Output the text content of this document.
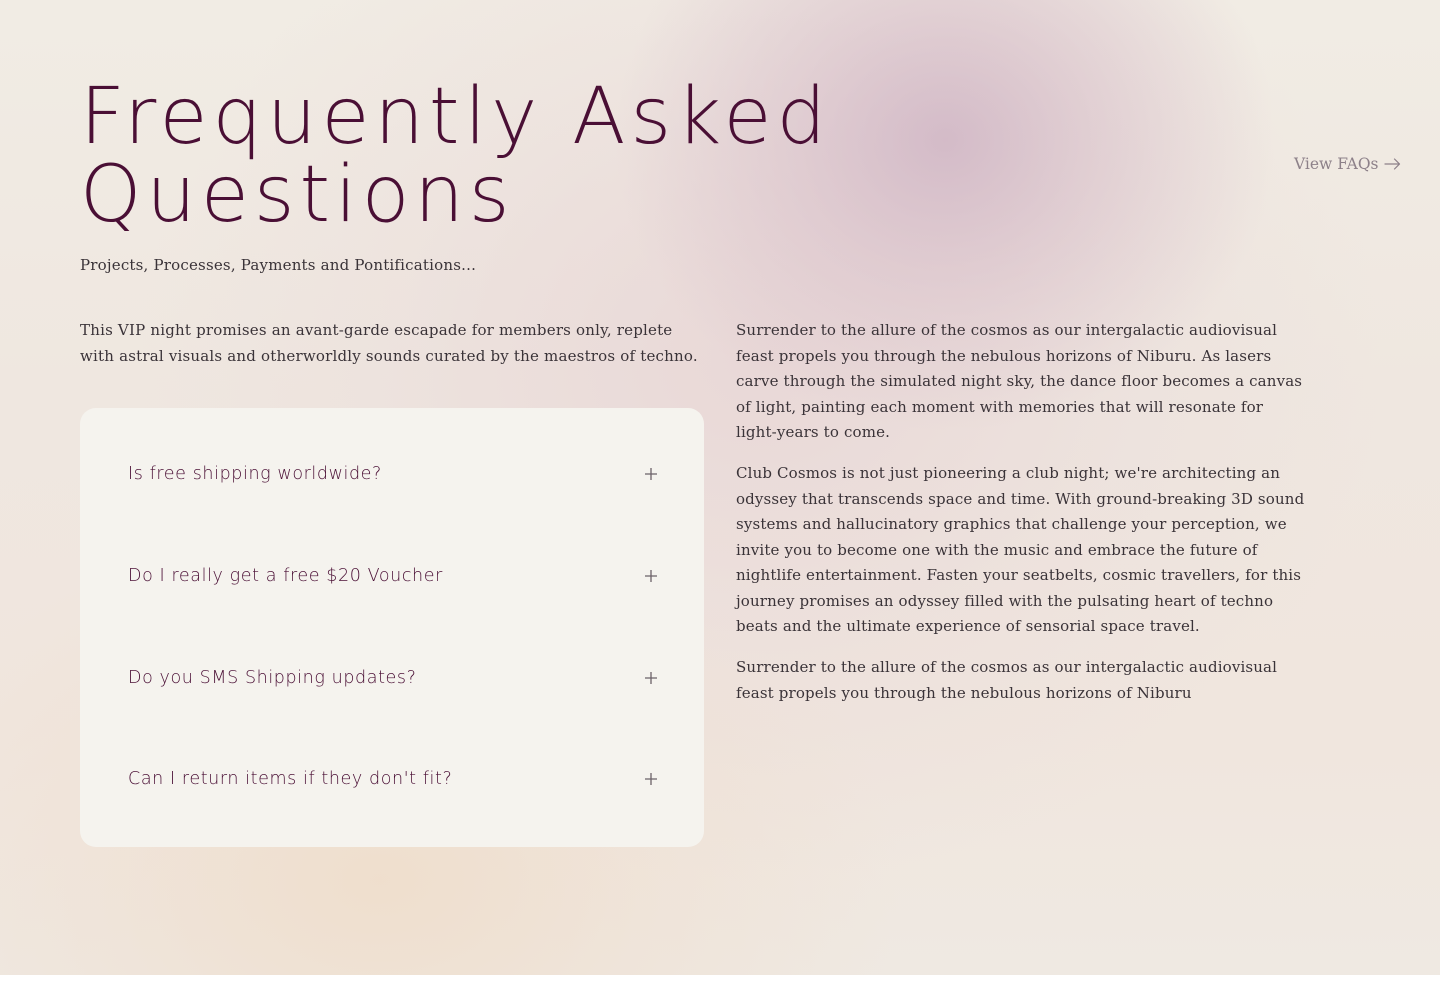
Frequently Asked
Questions

Projects, Processes, Payments and Pontifications...

View FAQs

This VIP night promises an avant-garde escapade for members only, replete with astral visuals and otherworldly sounds curated by the maestros of techno.

Is free shipping worldwide?
Do I really get a free $20 Voucher
Do you SMS Shipping updates?
Can I return items if they don't fit?

Surrender to the allure of the cosmos as our intergalactic audiovisual feast propels you through the nebulous horizons of Niburu. As lasers carve through the simulated night sky, the dance floor becomes a canvas of light, painting each moment with memories that will resonate for light-years to come.

Club Cosmos is not just pioneering a club night; we're architecting an odyssey that transcends space and time. With ground-breaking 3D sound systems and hallucinatory graphics that challenge your perception, we invite you to become one with the music and embrace the future of nightlife entertainment. Fasten your seatbelts, cosmic travellers, for this journey promises an odyssey filled with the pulsating heart of techno beats and the ultimate experience of sensorial space travel.

Surrender to the allure of the cosmos as our intergalactic audiovisual feast propels you through the nebulous horizons of Niburu
